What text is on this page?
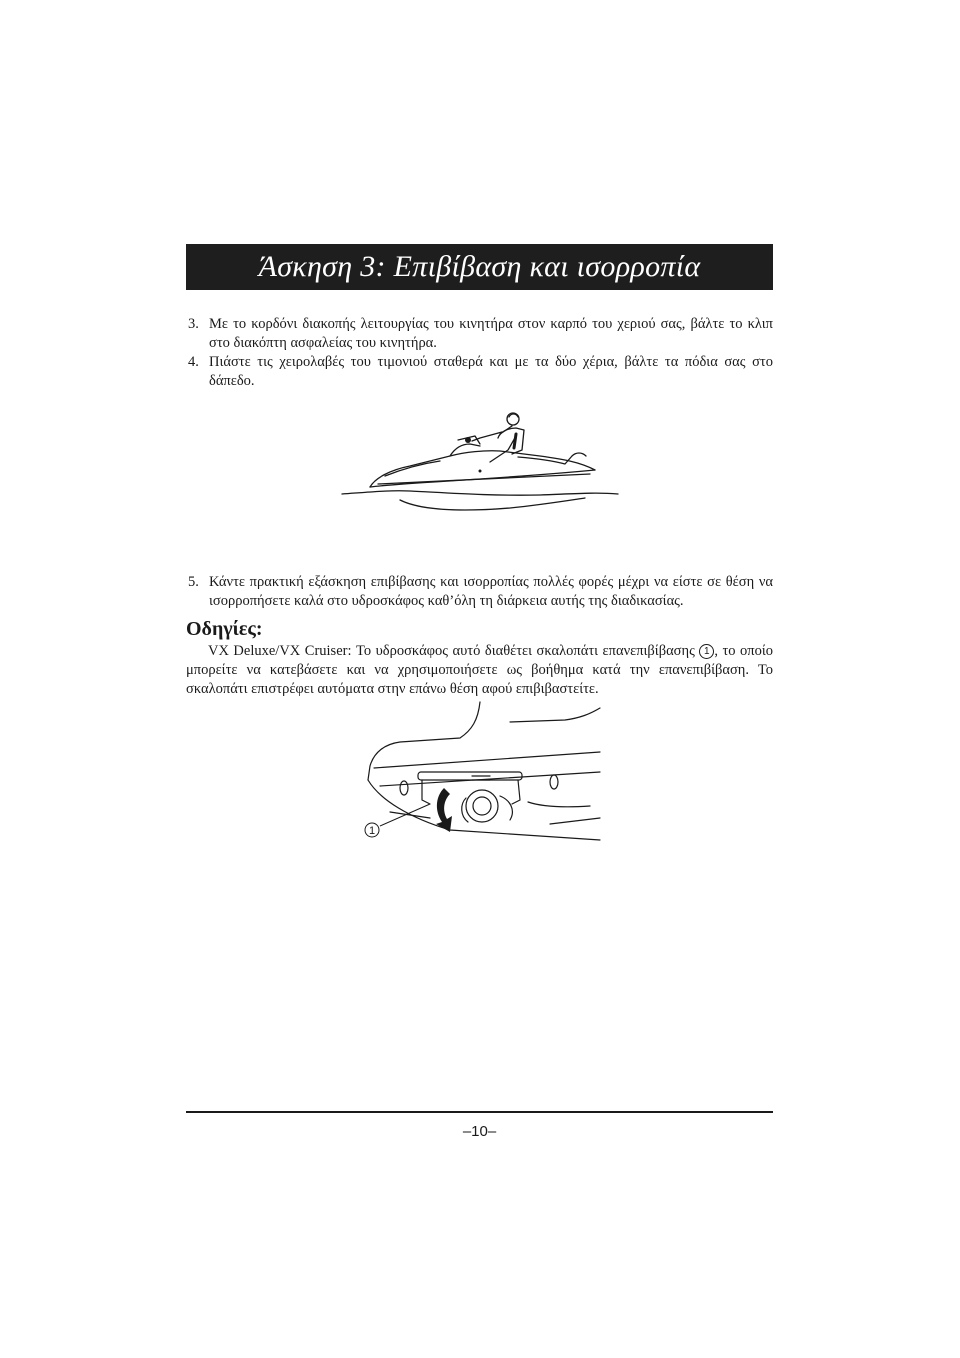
Άσκηση 3: Επιβίβαση και ισορροπία
3. Με το κορδόνι διακοπής λειτουργίας του κινητήρα στον καρπό του χεριού σας, βάλτε το κλιπ στο διακόπτη ασφαλείας του κινητήρα.
4. Πιάστε τις χειρολαβές του τιμονιού σταθερά και με τα δύο χέρια, βάλτε τα πόδια σας στο δάπεδο.
5. Κάντε πρακτική εξάσκηση επιβίβασης και ισορροπίας πολλές φορές μέχρι να είστε σε θέση να ισορροπήσετε καλά στο υδροσκάφος καθ’όλη τη διάρκεια αυτής της διαδικασίας.
Οδηγίες:

VX Deluxe/VX Cruiser: Το υδροσκάφος αυτό διαθέτει σκαλοπάτι επανεπιβίβασης 1 , το οποίο μπορείτε να κατεβάσετε και να χρησιμοποιήσετε ως βοήθημα κατά την επανεπιβίβαση. Το σκαλοπάτι επιστρέφει αυτόματα στην επάνω θέση αφού επιβιβαστείτε.

1
–10–
